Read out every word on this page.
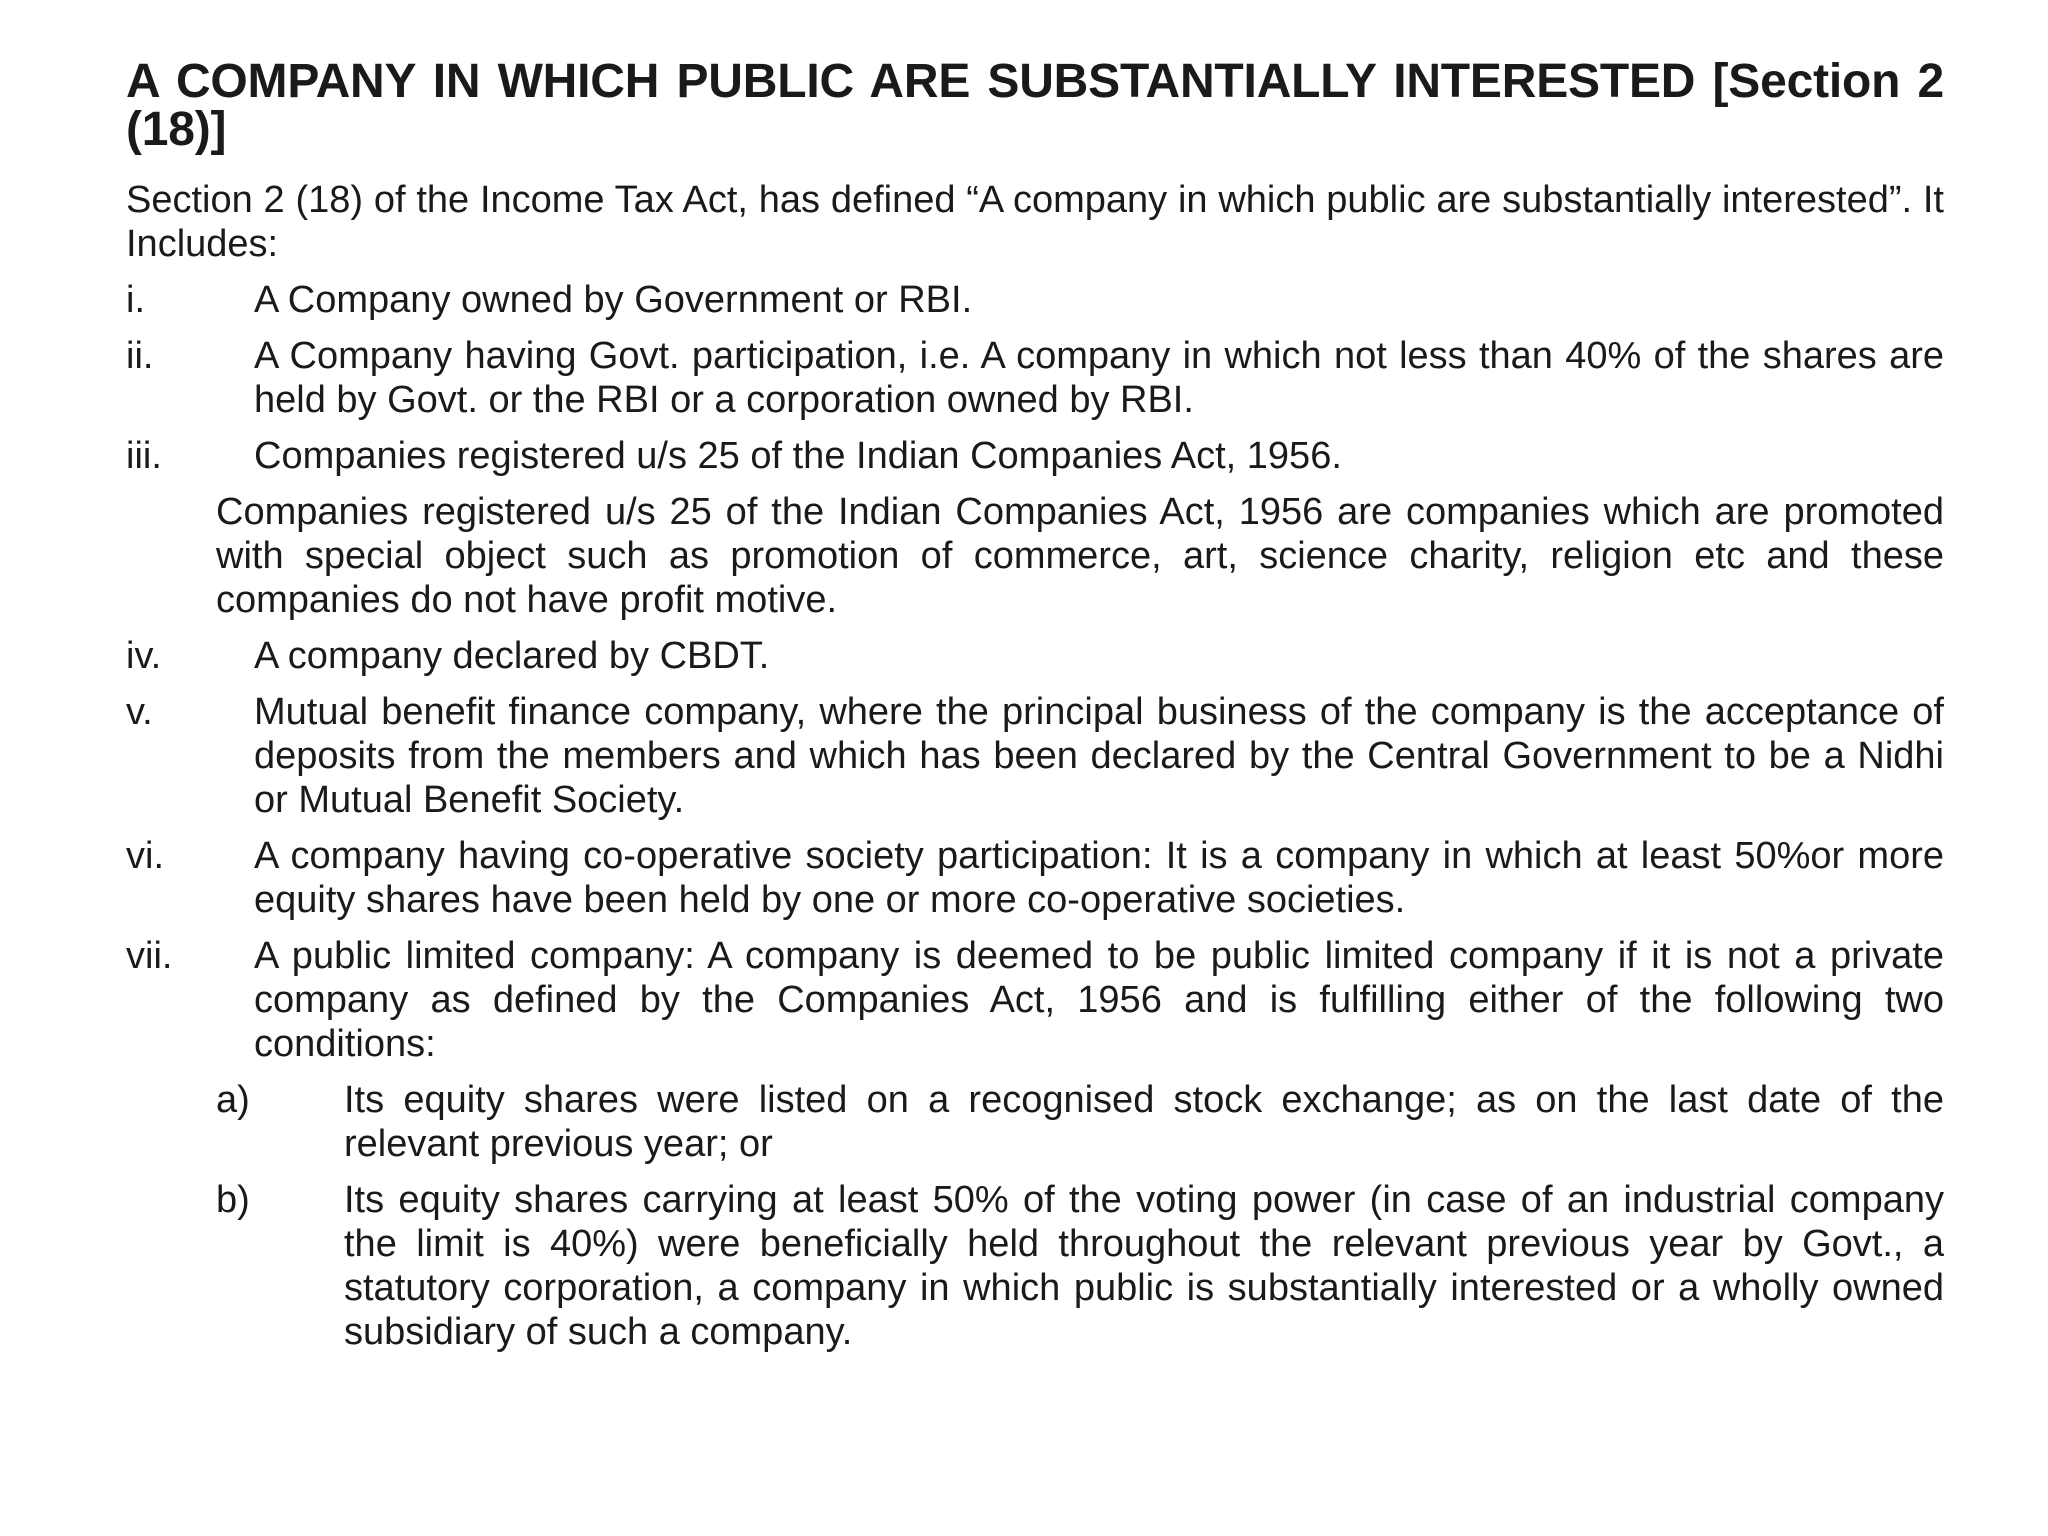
A COMPANY IN WHICH PUBLIC ARE SUBSTANTIALLY INTERESTED [Section 2 (18)]
Section 2 (18) of the Income Tax Act, has defined “A company in which public are substantially interested”. It Includes:
i.	A Company owned by Government or RBI.
ii.	A Company having Govt. participation, i.e. A company in which not less than 40% of the shares are held by Govt. or the RBI or a corporation owned by RBI.
iii.	Companies registered u/s 25 of the Indian Companies Act, 1956.
Companies registered u/s 25 of the Indian Companies Act, 1956 are companies which are promoted with special object such as promotion of commerce, art, science charity, religion etc and these companies do not have profit motive.
iv.	A company declared by CBDT.
v.	Mutual benefit finance company, where the principal business of the company is the acceptance of deposits from the members and which has been declared by the Central Government to be a Nidhi or Mutual Benefit Society.
vi.	A company having co-operative society participation: It is a company in which at least 50%or more equity shares have been held by one or more co-operative societies.
vii.	A public limited company: A company is deemed to be public limited company if it is not a private company as defined by the Companies Act, 1956 and is fulfilling either of the following two conditions:
a)	Its equity shares were listed on a recognised stock exchange; as on the last date of the relevant previous year; or
b)	Its equity shares carrying at least 50% of the voting power (in case of an industrial company the limit is 40%) were beneficially held throughout the relevant previous year by Govt., a statutory corporation, a company in which public is substantially interested or a wholly owned subsidiary of such a company.
